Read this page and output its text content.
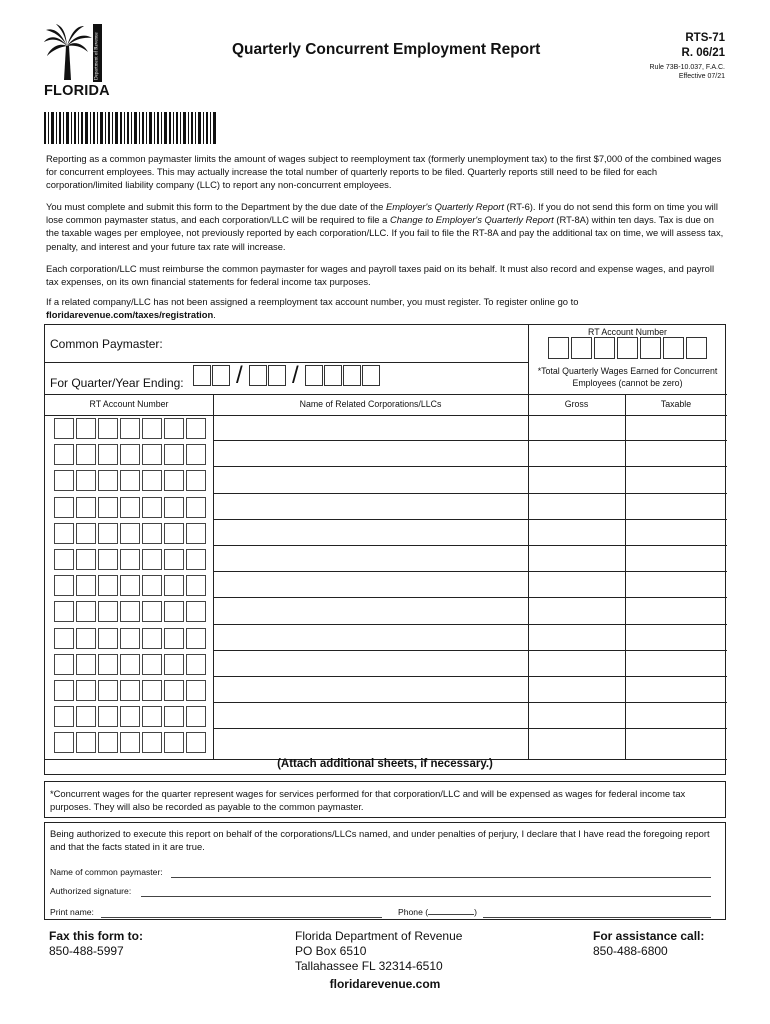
Department of Revenue
FLORIDA
Quarterly Concurrent Employment Report
RTS-71
R. 06/21
Rule 73B-10.037, F.A.C.
Effective 07/21
Reporting as a common paymaster limits the amount of wages subject to reemployment tax (formerly unemployment tax) to the first $7,000 of the combined wages for concurrent employees. This may actually increase the total number of quarterly reports to be filed. Quarterly reports still need to be filed for each corporation/limited liability company (LLC) to report any non-concurrent employees.
You must complete and submit this form to the Department by the due date of the Employer's Quarterly Report (RT-6). If you do not send this form on time you will lose common paymaster status, and each corporation/LLC will be required to file a Change to Employer's Quarterly Report (RT-8A) within ten days. Tax is due on the taxable wages per employee, not previously reported by each corporation/LLC. If you fail to file the RT-8A and pay the additional tax on time, we will assess tax, penalty, and interest and your future tax rate will increase.
Each corporation/LLC must reimburse the common paymaster for wages and payroll taxes paid on its behalf. It must also record and expense wages, and payroll tax expenses, on its own financial statements for federal income tax purposes.
If a related company/LLC has not been assigned a reemployment tax account number, you must register. To register online go to
floridarevenue.com/taxes/registration.
RT Account Number
Common Paymaster:
For Quarter/Year Ending: / /	*Total Quarterly Wages Earned for Concurrent Employees (cannot be zero)
RT Account Number	Name of Related Corporations/LLCs	Gross	Taxable
(Attach additional sheets, if necessary.)
*Concurrent wages for the quarter represent wages for services performed for that corporation/LLC and will be expensed as wages for federal income tax purposes. They will also be recorded as payable to the common paymaster.
Being authorized to execute this report on behalf of the corporations/LLCs named, and under penalties of perjury, I declare that I have read the foregoing report and that the facts stated in it are true.
Name of common paymaster:
Authorized signature:
Print name:	Phone (	)
Fax this form to:
850-488-5997
Florida Department of Revenue
PO Box 6510
Tallahassee FL 32314-6510
For assistance call:
850-488-6800
floridarevenue.com
